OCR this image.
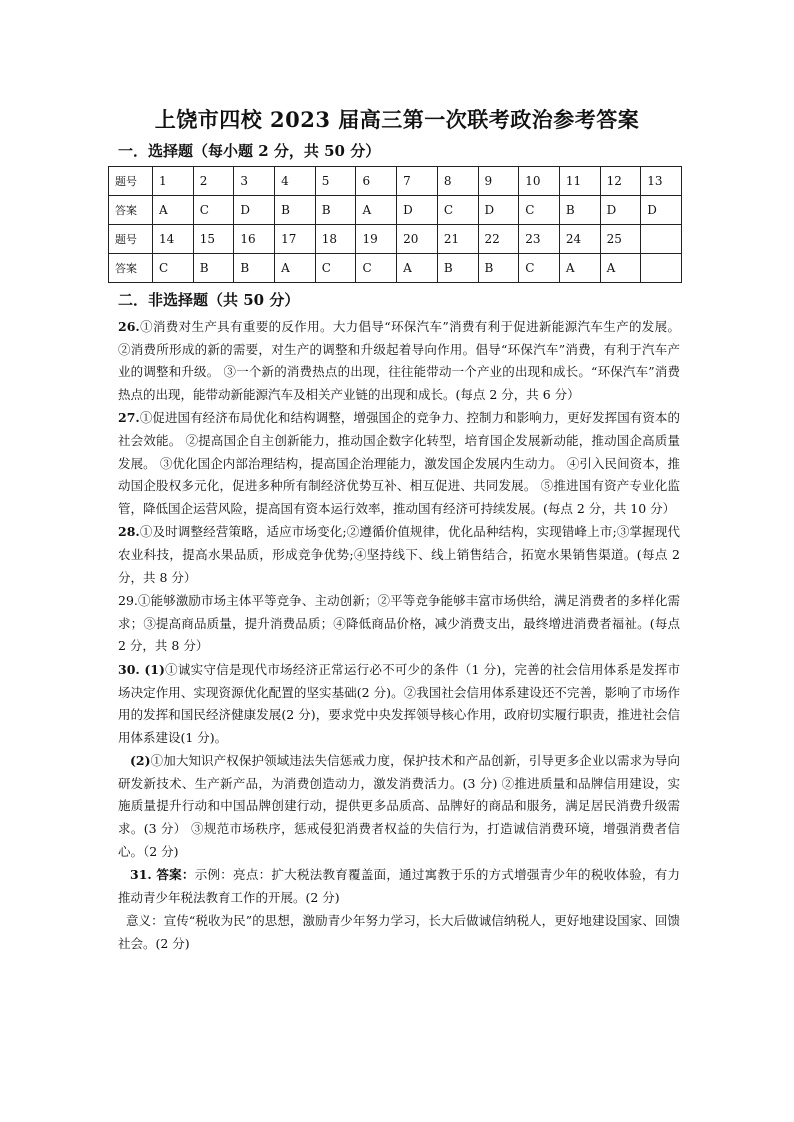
上饶市四校 2023 届高三第一次联考政治参考答案
一．选择题（每小题 2 分，共 50 分）
题号	1	2	3	4	5	6	7	8	9	10	11	12	13
答案	A	C	D	B	B	A	D	C	D	C	B	D	D
题号	14	15	16	17	18	19	20	21	22	23	24	25	
答案	C	B	B	A	C	C	A	B	B	C	A	A	
二．非选择题（共 50 分）

26.①消费对生产具有重要的反作用。大力倡导“环保汽车”消费有利于促进新能源汽车生产的发展。 ②消费所形成的新的需要，对生产的调整和升级起着导向作用。倡导“环保汽车”消费，有利于汽车产业的调整和升级。 ③一个新的消费热点的出现，往往能带动一个产业的出现和成长。“环保汽车”消费热点的出现，能带动新能源汽车及相关产业链的出现和成长。(每点 2 分，共 6 分）

27.①促进国有经济布局优化和结构调整，增强国企的竞争力、控制力和影响力，更好发挥国有资本的社会效能。 ②提高国企自主创新能力，推动国企数字化转型，培育国企发展新动能，推动国企高质量发展。 ③优化国企内部治理结构，提高国企治理能力，激发国企发展内生动力。 ④引入民间资本，推动国企股权多元化，促进多种所有制经济优势互补、相互促进、共同发展。 ⑤推进国有资产专业化监管，降低国企运营风险，提高国有资本运行效率，推动国有经济可持续发展。(每点 2 分，共 10 分）

28.①及时调整经营策略，适应市场变化;②遵循价值规律，优化品种结构，实现错峰上市;③掌握现代农业科技，提高水果品质，形成竞争优势;④坚持线下、线上销售结合，拓宽水果销售渠道。(每点 2 分，共 8 分）

29.①能够激励市场主体平等竞争、主动创新；②平等竞争能够丰富市场供给，满足消费者的多样化需求；③提高商品质量，提升消费品质；④降低商品价格，减少消费支出，最终增进消费者福祉。(每点 2 分，共 8 分）

30. (1)①诚实守信是现代市场经济正常运行必不可少的条件（1 分)，完善的社会信用体系是发挥市场决定作用、实现资源优化配置的坚实基础(2 分)。②我国社会信用体系建设还不完善，影响了市场作用的发挥和国民经济健康发展(2 分)，要求党中央发挥领导核心作用，政府切实履行职责，推进社会信用体系建设(1 分)。

(2)①加大知识产权保护领域违法失信惩戒力度，保护技术和产品创新，引导更多企业以需求为导向研发新技术、生产新产品，为消费创造动力，激发消费活力。(3 分) ②推进质量和品牌信用建设，实施质量提升行动和中国品牌创建行动，提供更多品质高、品牌好的商品和服务，满足居民消费升级需求。(3 分） ③规范市场秩序，惩戒侵犯消费者权益的失信行为，打造诚信消费环境，增强消费者信心。（2 分)

31. 答案：示例：亮点：扩大税法教育覆盖面，通过寓教于乐的方式增强青少年的税收体验，有力推动青少年税法教育工作的开展。(2 分)

意义：宣传“税收为民”的思想，激励青少年努力学习，长大后做诚信纳税人，更好地建设国家、回馈社会。(2 分)
